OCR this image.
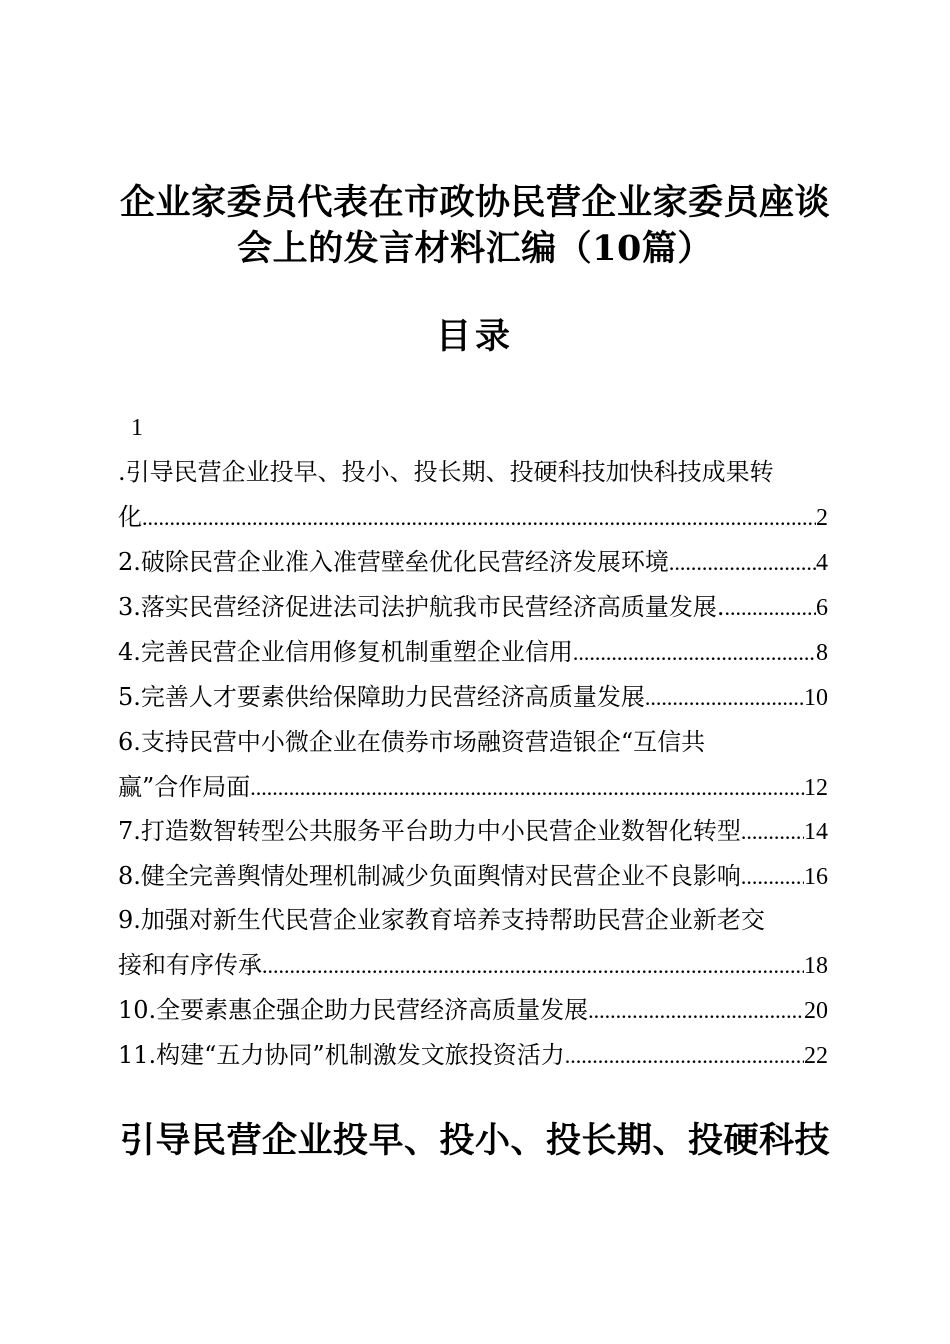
企业家委员代表在市政协民营企业家委员座谈
会上的发言材料汇编（10篇）
目录
1
.引导民营企业投早、投小、投长期、投硬科技加快科技成果转
化 .....	2
2.破除民营企业准入准营壁垒优化民营经济发展环境 .....	4
3.落实民营经济促进法司法护航我市民营经济高质量发展. .....	6
4.完善民营企业信用修复机制重塑企业信用 .....	8
5.完善人才要素供给保障助力民营经济高质量发展 .....	10
6.支持民营中小微企业在债券市场融资营造银企“互信共
赢”合作局面 .....	12
7.打造数智转型公共服务平台助力中小民营企业数智化转型 .....	14
8.健全完善舆情处理机制减少负面舆情对民营企业不良影响 .....	16
9.加强对新生代民营企业家教育培养支持帮助民营企业新老交
接和有序传承 .....	18
10.全要素惠企强企助力民营经济高质量发展 .....	20
11.构建“五力协同”机制激发文旅投资活力 .....	22
引导民营企业投早、投小、投长期、投硬科技
